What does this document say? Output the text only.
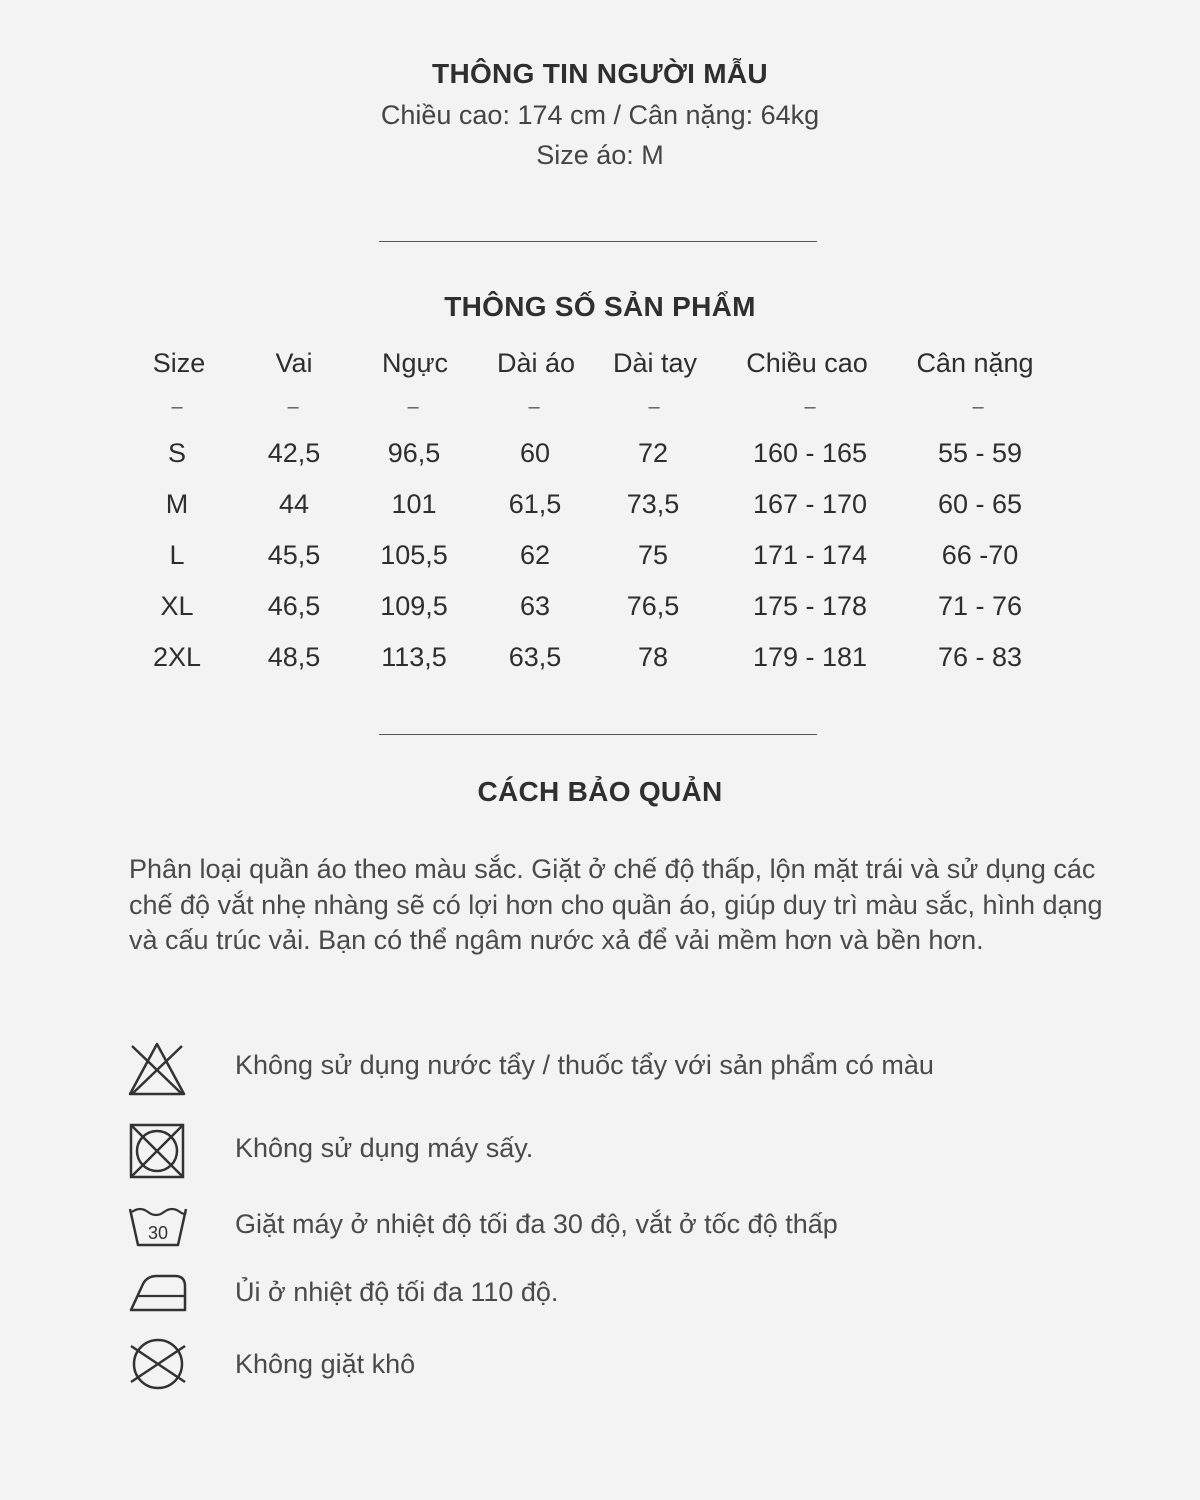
THÔNG TIN NGƯỜI MẪU
Chiều cao: 174 cm / Cân nặng: 64kg
Size áo: M
THÔNG SỐ SẢN PHẨM
Size	Vai	Ngực	Dài áo	Dài tay	Chiều cao	Cân nặng
–	–	–	–	–	–	–
S	42,5	96,5	60	72	160 - 165	55 - 59
M	44	101	61,5	73,5	167 - 170	60 - 65
L	45,5	105,5	62	75	171 - 174	66 -70
XL	46,5	109,5	63	76,5	175 - 178	71 - 76
2XL	48,5	113,5	63,5	78	179 - 181	76 - 83
CÁCH BẢO QUẢN
Phân loại quần áo theo màu sắc. Giặt ở chế độ thấp, lộn mặt trái và sử dụng các chế độ vắt nhẹ nhàng sẽ có lợi hơn cho quần áo, giúp duy trì màu sắc, hình dạng và cấu trúc vải. Bạn có thể ngâm nước xả để vải mềm hơn và bền hơn.
Không sử dụng nước tẩy / thuốc tẩy với sản phẩm có màu
Không sử dụng máy sấy.
30 Giặt máy ở nhiệt độ tối đa 30 độ, vắt ở tốc độ thấp
Ủi ở nhiệt độ tối đa 110 độ.
Không giặt khô
